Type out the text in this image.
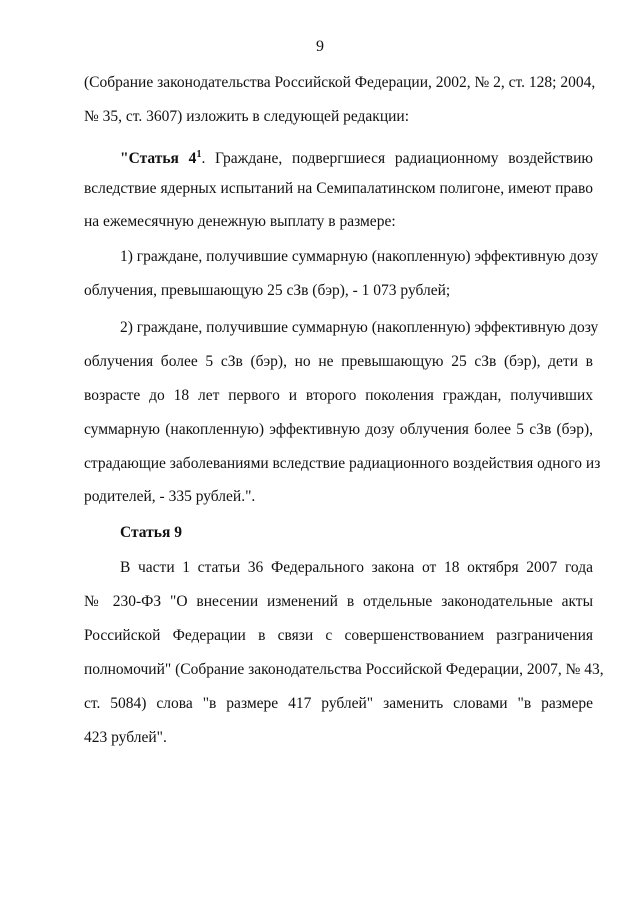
9
(Собрание законодательства Российской Федерации, 2002, № 2, ст. 128; 2004,
№ 35, ст. 3607) изложить в следующей редакции:
"Статья $4^1$. Граждане, подвергшиеся радиационному воздействию
вследствие ядерных испытаний на Семипалатинском полигоне, имеют право
на ежемесячную денежную выплату в размере:
1) граждане, получившие суммарную (накопленную) эффективную дозу
облучения, превышающую 25 сЗв (бэр), - 1 073 рублей;
2) граждане, получившие суммарную (накопленную) эффективную дозу
облучения более 5 сЗв (бэр), но не превышающую 25 сЗв (бэр), дети в
возрасте до 18 лет первого и второго поколения граждан, получивших
суммарную (накопленную) эффективную дозу облучения более 5 сЗв (бэр),
страдающие заболеваниями вследствие радиационного воздействия одного из
родителей, - 335 рублей.".
Статья 9
В части 1 статьи 36 Федерального закона от 18 октября 2007 года
№ 230-ФЗ "О внесении изменений в отдельные законодательные акты
Российской Федерации в связи с совершенствованием разграничения
полномочий" (Собрание законодательства Российской Федерации, 2007, № 43,
ст. 5084) слова "в размере 417 рублей" заменить словами "в размере
423 рублей".
